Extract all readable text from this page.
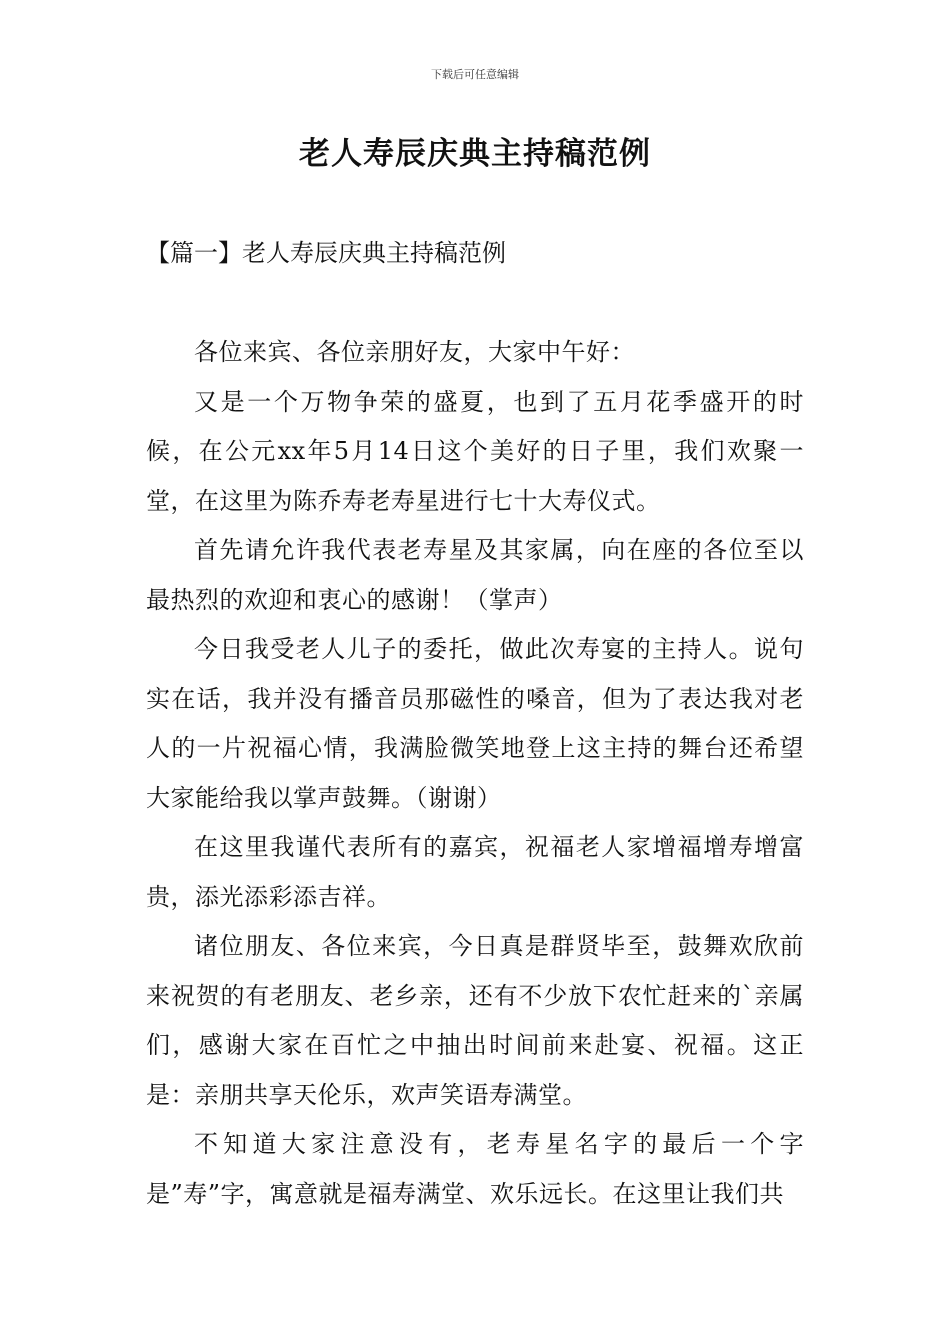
下载后可任意编辑
老人寿辰庆典主持稿范例
【篇一】老人寿辰庆典主持稿范例

各位来宾、各位亲朋好友，大家中午好：

又是一个万物争荣的盛夏，也到了五月花季盛开的时候，在公元xx年5月14日这个美好的日子里，我们欢聚一堂，在这里为陈乔寿老寿星进行七十大寿仪式。

首先请允许我代表老寿星及其家属，向在座的各位至以最热烈的欢迎和衷心的感谢！（掌声）

今日我受老人儿子的委托，做此次寿宴的主持人。说句实在话，我并没有播音员那磁性的嗓音，但为了表达我对老人的一片祝福心情，我满脸微笑地登上这主持的舞台还希望大家能给我以掌声鼓舞。（谢谢）

在这里我谨代表所有的嘉宾，祝福老人家增福增寿增富贵，添光添彩添吉祥。

诸位朋友、各位来宾，今日真是群贤毕至，鼓舞欢欣前来祝贺的有老朋友、老乡亲，还有不少放下农忙赶来的`亲属们，感谢大家在百忙之中抽出时间前来赴宴、祝福。这正是：亲朋共享天伦乐，欢声笑语寿满堂。

不知道大家注意没有，老寿星名字的最后一个字是”寿”字，寓意就是福寿满堂、欢乐远长。在这里让我们共
